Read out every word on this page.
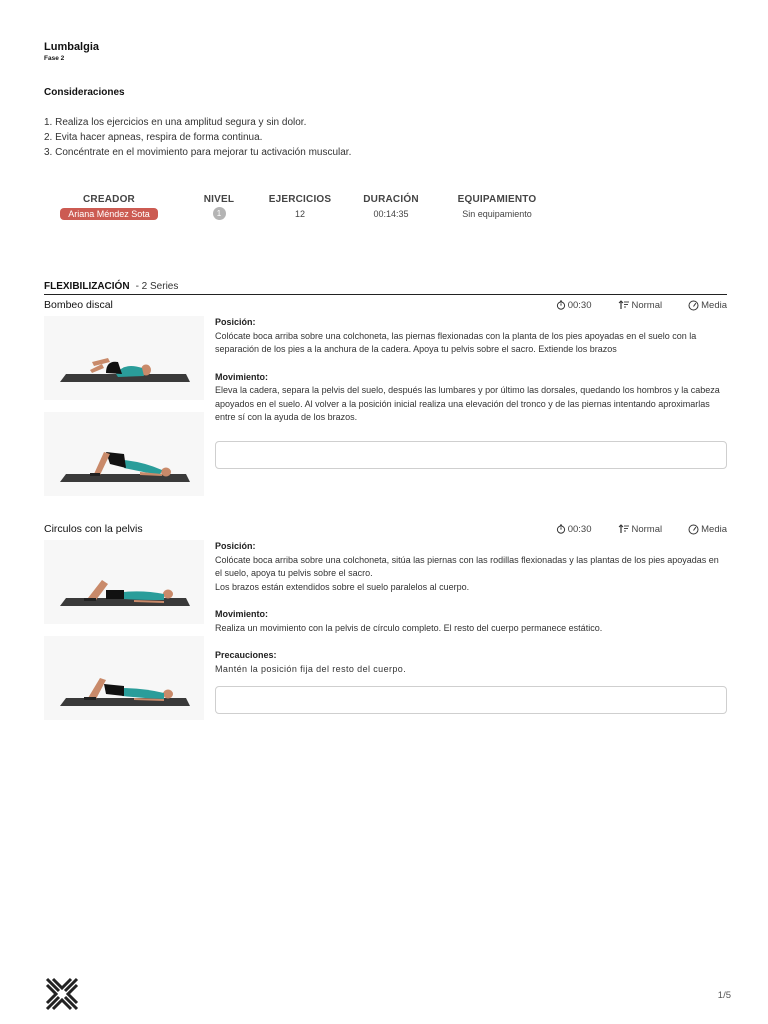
Lumbalgia
Fase 2
Consideraciones
1. Realiza los ejercicios en una amplitud segura y sin dolor.
2. Evita hacer apneas, respira de forma continua.
3. Concéntrate en el movimiento para mejorar tu activación muscular.
CREADOR
Ariana Méndez Sota
NIVEL
1
EJERCICIOS
12
DURACIÓN
00:14:35
EQUIPAMIENTO
Sin equipamiento
FLEXIBILIZACIÓN - 2 Series
Bombeo discal	00:30	Normal	Media
Posición:
Colócate boca arriba sobre una colchoneta, las piernas flexionadas con la planta de los pies apoyadas en el suelo con la separación de los pies a la anchura de la cadera. Apoya tu pelvis sobre el sacro. Extiende los brazos
Movimiento:
Eleva la cadera, separa la pelvis del suelo, después las lumbares y por último las dorsales, quedando los hombros y la cabeza apoyados en el suelo. Al volver a la posición inicial realiza una elevación del tronco y de las piernas intentando aproximarlas entre sí con la ayuda de los brazos.
Circulos con la pelvis	00:30	Normal	Media
Posición:
Colócate boca arriba sobre una colchoneta, sitúa las piernas con las rodillas flexionadas y las plantas de los pies apoyadas en el suelo, apoya tu pelvis sobre el sacro.
Los brazos están extendidos sobre el suelo paralelos al cuerpo.
Movimiento:
Realiza un movimiento con la pelvis de círculo completo. El resto del cuerpo permanece estático.
Precauciones:
Mantén la posición fija del resto del cuerpo.
1/5
